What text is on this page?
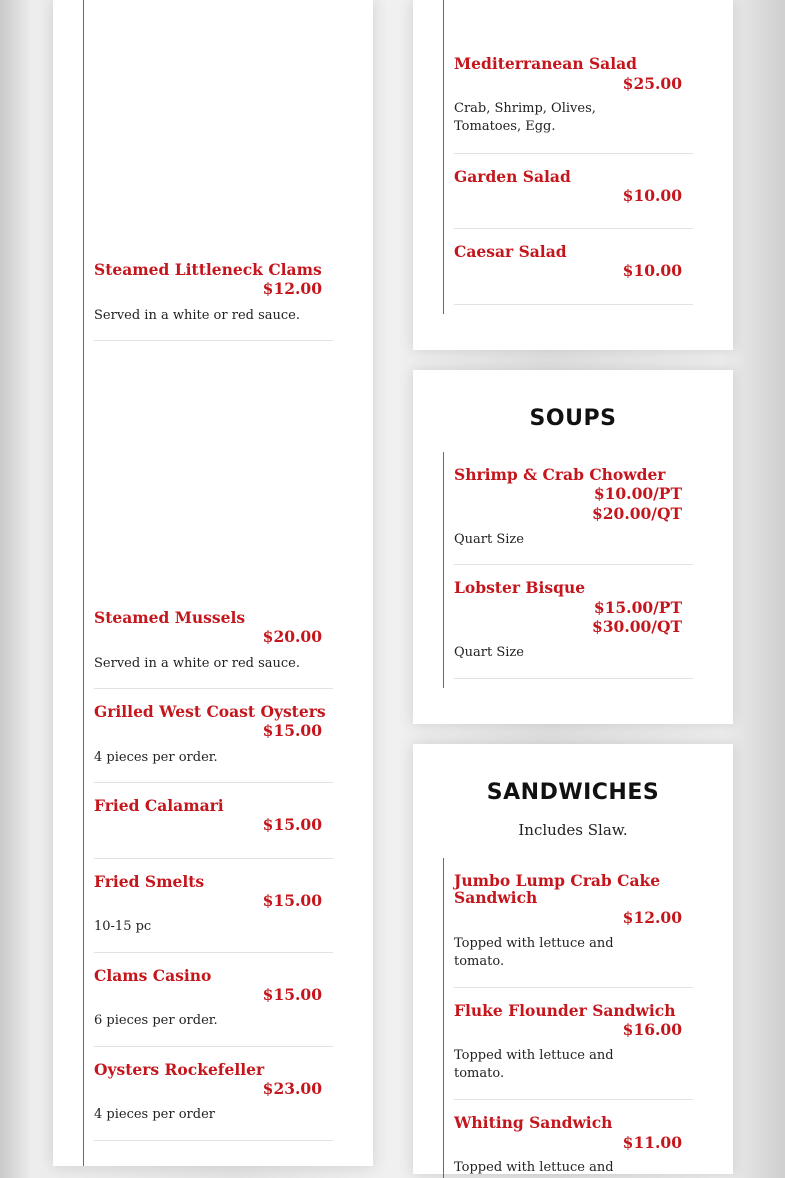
Steamed Littleneck Clams
$12.00
Served in a white or red sauce.
Steamed Mussels
$20.00
Served in a white or red sauce.
Grilled West Coast Oysters
$15.00
4 pieces per order.
Fried Calamari
$15.00
Fried Smelts
$15.00
10-15 pc
Clams Casino
$15.00
6 pieces per order.
Oysters Rockefeller
$23.00
4 pieces per order
Mediterranean Salad
$25.00
Crab, Shrimp, Olives, Tomatoes, Egg.
Garden Salad
$10.00
Caesar Salad
$10.00
SOUPS
Shrimp & Crab Chowder
$10.00/PT
$20.00/QT
Quart Size
Lobster Bisque
$15.00/PT
$30.00/QT
Quart Size
SANDWICHES
Includes Slaw.
Jumbo Lump Crab Cake Sandwich
$12.00
Topped with lettuce and tomato.
Fluke Flounder Sandwich
$16.00
Topped with lettuce and tomato.
Whiting Sandwich
$11.00
Topped with lettuce and
